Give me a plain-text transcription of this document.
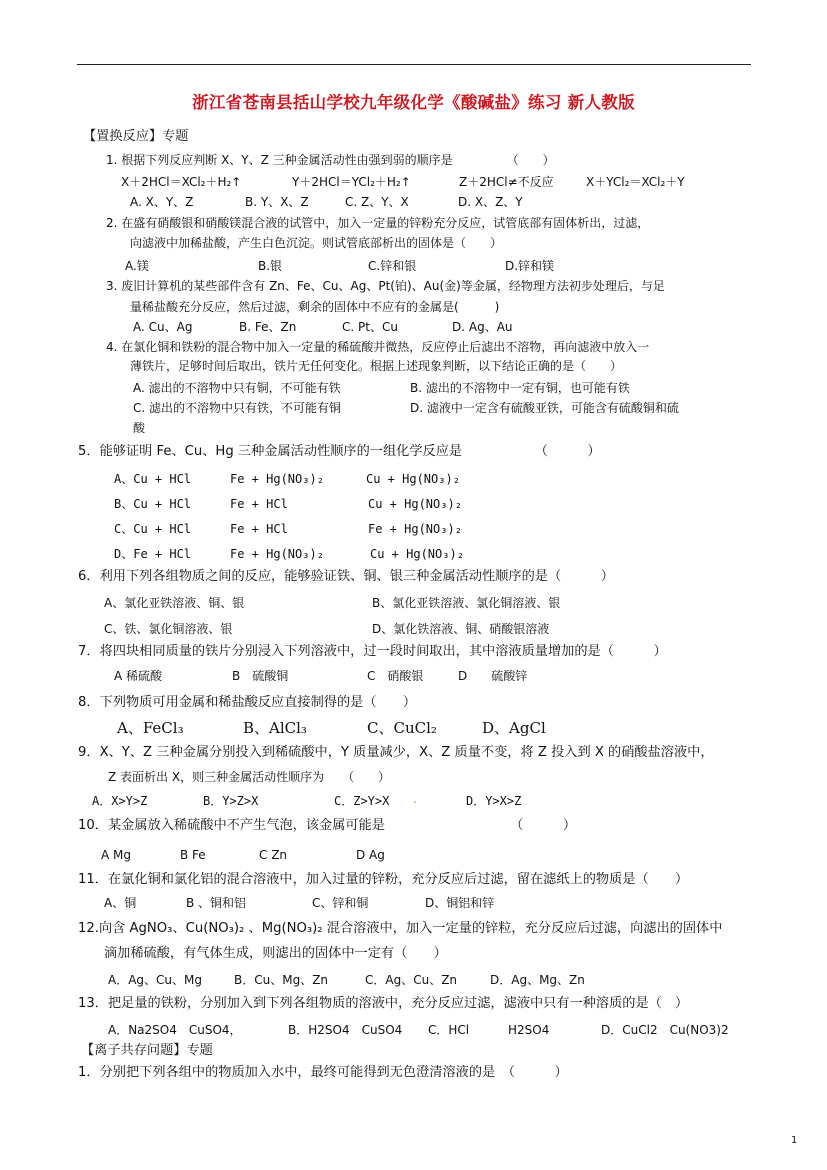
浙江省苍南县括山学校九年级化学《酸碱盐》练习 新人教版
【置换反应】专题
1. 根据下列反应判断 X、Y、Z 三种金属活动性由强到弱的顺序是　　　　　（　　）
X＋2HCl＝XCl₂＋H₂↑	Y＋2HCl＝YCl₂＋H₂↑	Z＋2HCl≠不反应	X＋YCl₂＝XCl₂＋Y
A. X、Y、Z	B. Y、X、Z	C. Z、Y、X	D. X、Z、Y
2. 在盛有硝酸银和硝酸镁混合液的试管中，加入一定量的锌粉充分反应，试管底部有固体析出，过滤，
向滤液中加稀盐酸，产生白色沉淀。则试管底部析出的固体是（　　）
A.镁	B.银	C.锌和银	D.锌和镁
3. 废旧计算机的某些部件含有 Zn、Fe、Cu、Ag、Pt(铂)、Au(金)等金属，经物理方法初步处理后，与足
量稀盐酸充分反应，然后过滤，剩余的固体中不应有的金属是(　　　)
A. Cu、Ag	B. Fe、Zn	C. Pt、Cu	D. Ag、Au
4. 在氯化铜和铁粉的混合物中加入一定量的稀硫酸并微热，反应停止后滤出不溶物，再向滤液中放入一
薄铁片，足够时间后取出，铁片无任何变化。根据上述现象判断，以下结论正确的是（　　）
A. 滤出的不溶物中只有铜，不可能有铁	B. 滤出的不溶物中一定有铜，也可能有铁
C. 滤出的不溶物中只有铁，不可能有铜	D. 滤液中一定含有硫酸亚铁，可能含有硫酸铜和硫
酸
5．能够证明 Fe、Cu、Hg 三种金属活动性顺序的一组化学反应是　　　　　　（　　　）
A、Cu + HCl	Fe + Hg(NO₃)₂	Cu + Hg(NO₃)₂
B、Cu + HCl	Fe + HCl	Cu + Hg(NO₃)₂
C、Cu + HCl	Fe + HCl	Fe + Hg(NO₃)₂
D、Fe + HCl	Fe + Hg(NO₃)₂	Cu + Hg(NO₃)₂
6．利用下列各组物质之间的反应，能够验证铁、铜、银三种金属活动性顺序的是（　　　）
A、氯化亚铁溶液、铜、银	B、氯化亚铁溶液、氯化铜溶液、银
C、铁、氯化铜溶液、银	D、氯化铁溶液、铜、硝酸银溶液
7．将四块相同质量的铁片分别浸入下列溶液中，过一段时间取出，其中溶液质量增加的是（　　　）
A 稀硫酸	B　硫酸铜	C　硝酸银	D　　硫酸锌
8．下列物质可用金属和稀盐酸反应直接制得的是（　　）
A、FeCl₃	B、AlCl₃	C、CuCl₂	D、AgCl
9．X、Y、Z 三种金属分别投入到稀硫酸中，Y 质量减少，X、Z 质量不变，将 Z 投入到 X 的硝酸盐溶液中，
Z 表面析出 X，则三种金属活动性顺序为　　（　　）
A．X>Y>Z	B．Y>Z>X	C．Z>Y>X .	D．Y>X>Z
10．某金属放入稀硫酸中不产生气泡，该金属可能是　　　　　　　　　　（　　　）
A Mg	B Fe	C Zn	D Ag
11．在氯化铜和氯化铝的混合溶液中，加入过量的锌粉，充分反应后过滤，留在滤纸上的物质是（　　）
A、铜	B 、铜和铝	C、锌和铜	D、铜铝和锌
12.向含 AgNO₃、Cu(NO₃)₂ 、Mg(NO₃)₂ 混合溶液中，加入一定量的锌粒，充分反应后过滤，向滤出的固体中
滴加稀硫酸，有气体生成，则滤出的固体中一定有（　　）
A．Ag、Cu、Mg	B．Cu、Mg、Zn	C．Ag、Cu、Zn	D．Ag、Mg、Zn
13．把足量的铁粉，分别加入到下列各组物质的溶液中，充分反应过滤，滤液中只有一种溶质的是（　）
A．Na2SO4　CuSO4，	B．H2SO4　CuSO4 C．HCl	H2SO4	D．CuCl2　Cu(NO3)2
【离子共存问题】专题
1．分别把下列各组中的物质加入水中，最终可能得到无色澄清溶液的是　（　　　）
1
